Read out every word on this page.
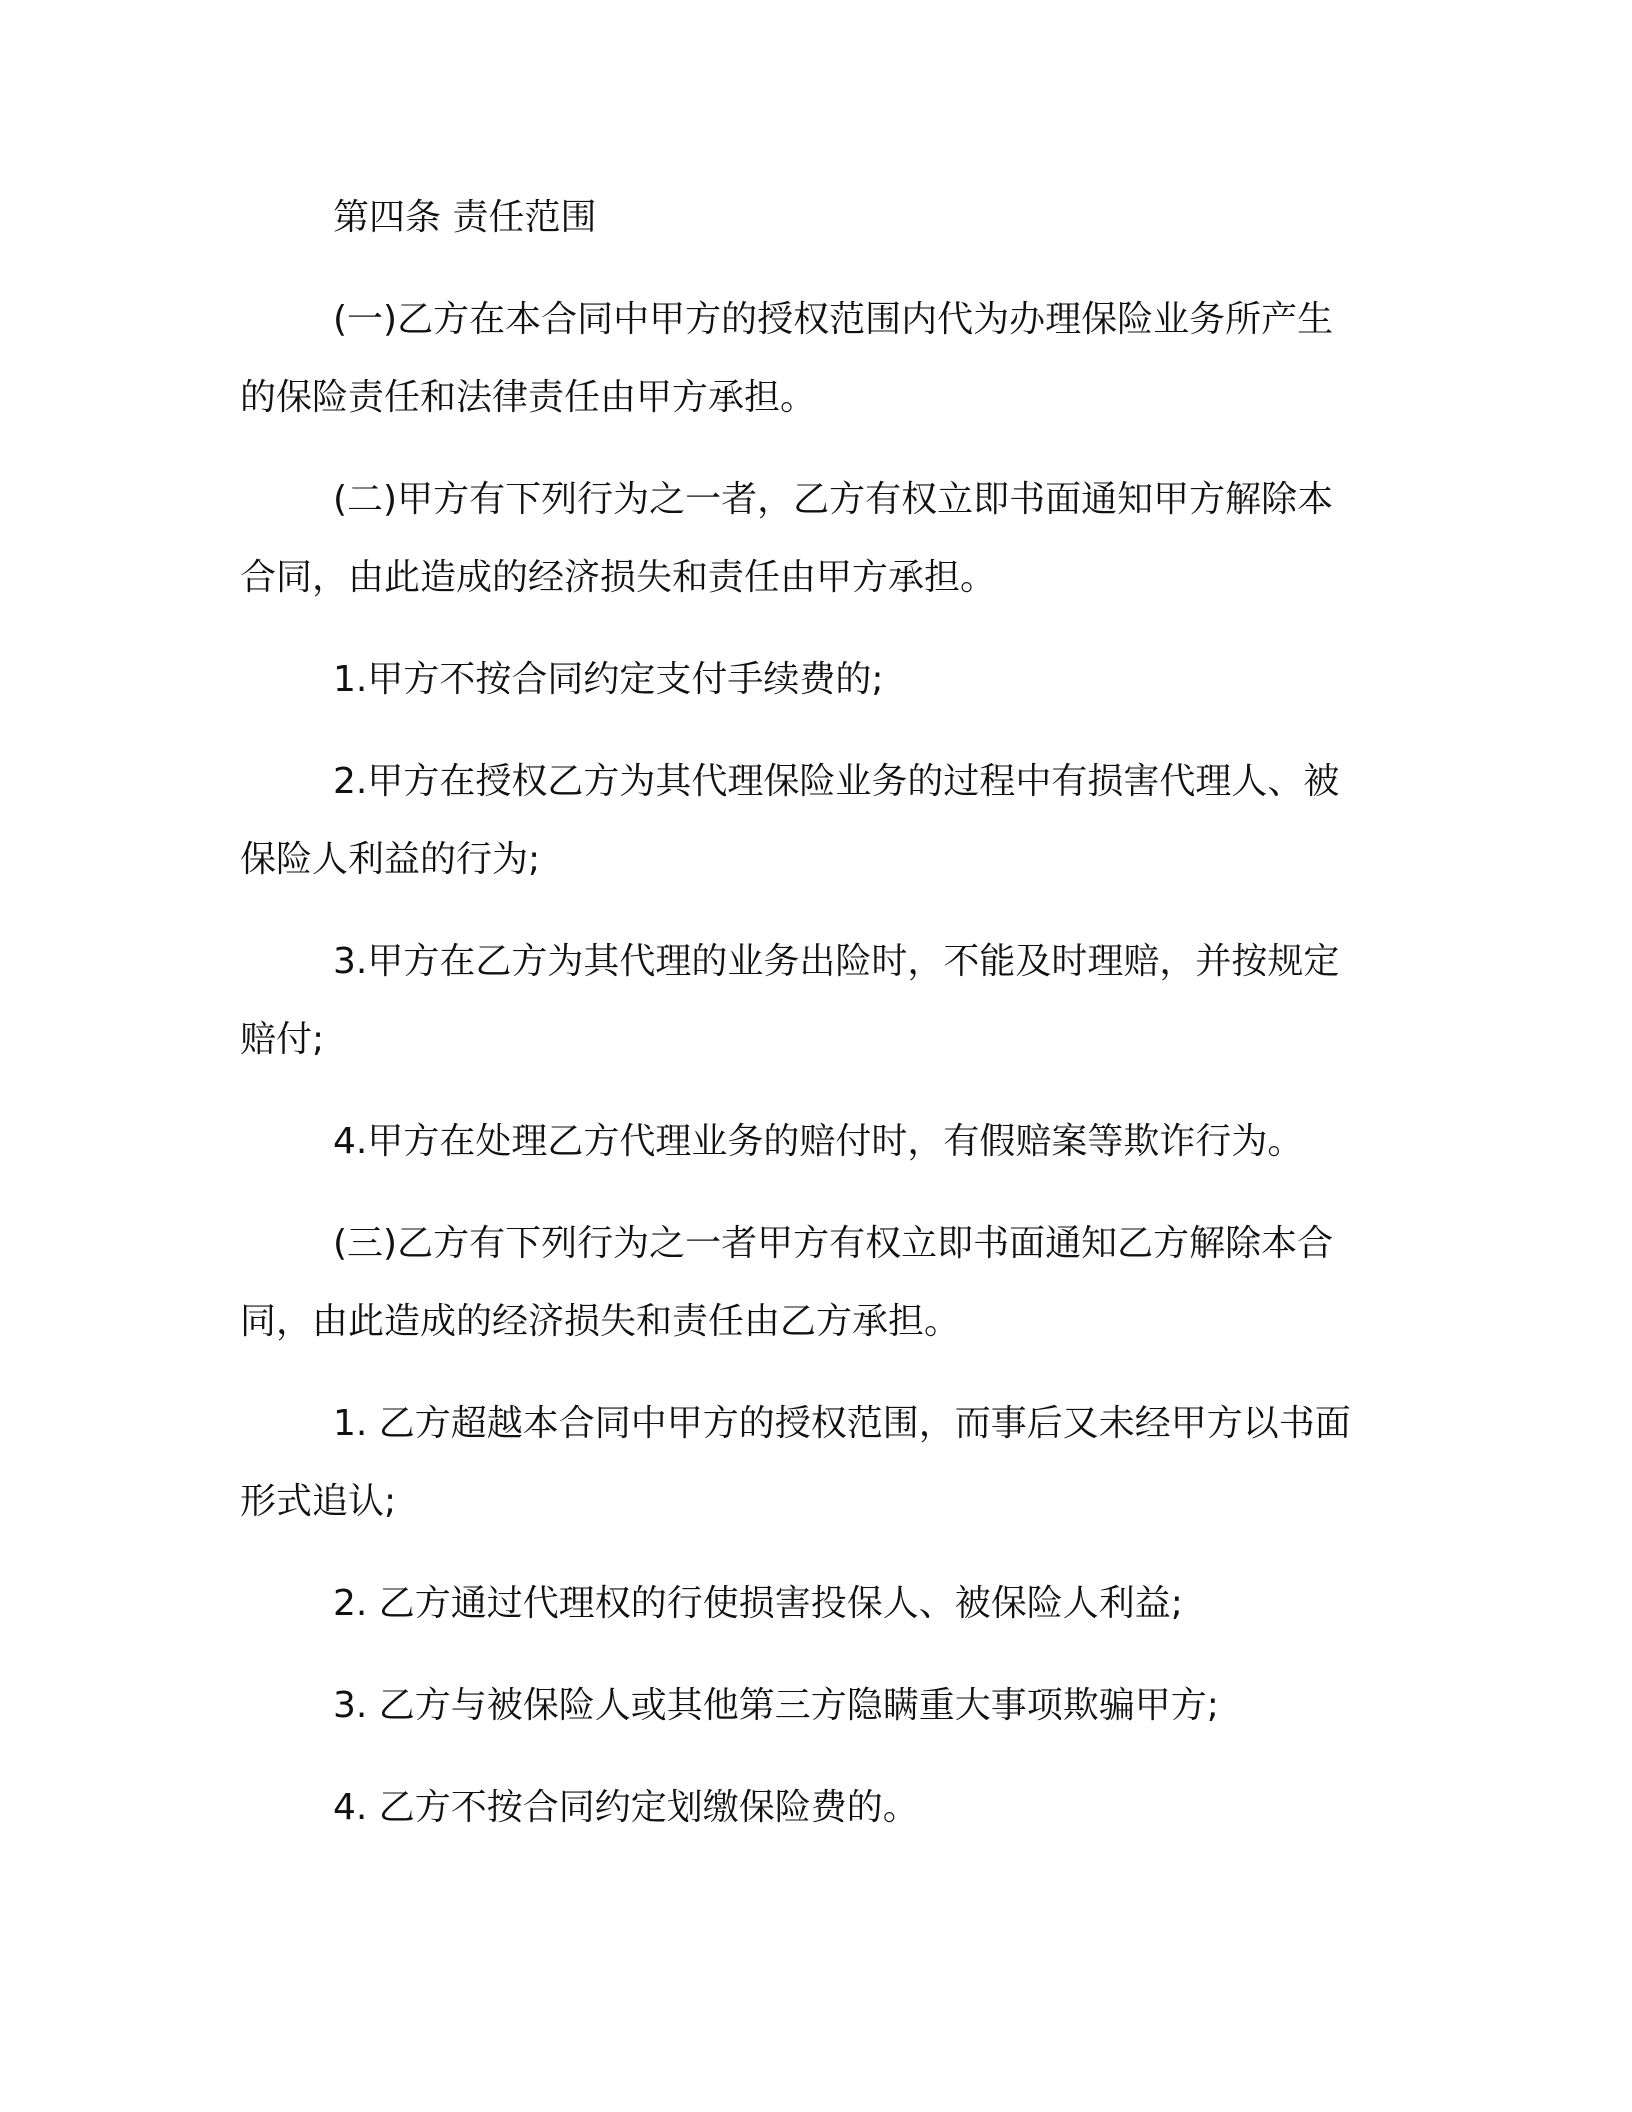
第四条 责任范围
(一)乙方在本合同中甲方的授权范围内代为办理保险业务所产生
的保险责任和法律责任由甲方承担。
(二)甲方有下列行为之一者，乙方有权立即书面通知甲方解除本
合同，由此造成的经济损失和责任由甲方承担。
1.甲方不按合同约定支付手续费的;
2.甲方在授权乙方为其代理保险业务的过程中有损害代理人、被
保险人利益的行为;
3.甲方在乙方为其代理的业务出险时，不能及时理赔，并按规定
赔付;
4.甲方在处理乙方代理业务的赔付时，有假赔案等欺诈行为。
(三)乙方有下列行为之一者甲方有权立即书面通知乙方解除本合
同，由此造成的经济损失和责任由乙方承担。
1. 乙方超越本合同中甲方的授权范围，而事后又未经甲方以书面
形式追认;
2. 乙方通过代理权的行使损害投保人、被保险人利益;
3. 乙方与被保险人或其他第三方隐瞒重大事项欺骗甲方;
4. 乙方不按合同约定划缴保险费的。
